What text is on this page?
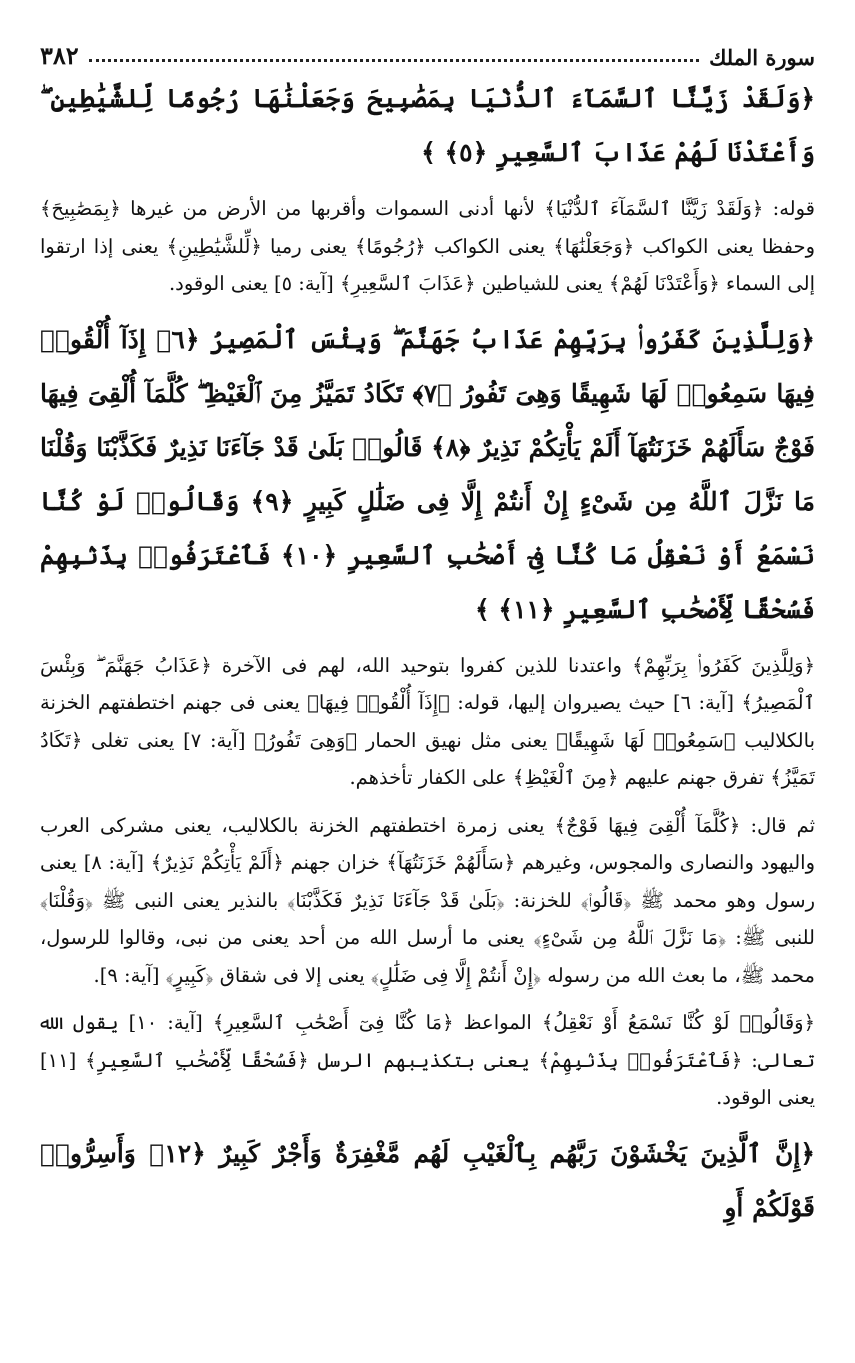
سورة الملك
٣٨٢

﴿وَلَقَدْ زَيَّنَّا ٱلسَّمَآءَ ٱلدُّنْيَا بِمَصَٰبِيحَ وَجَعَلْنَٰهَا رُجُومًا لِّلشَّيَٰطِينِ ۖ وَأَعْتَدْنَا لَهُمْ عَذَابَ ٱلسَّعِيرِ ﴿٥﴾ ﴾

قوله: ﴿وَلَقَدْ زَيَّنَّا ٱلسَّمَآءَ ٱلدُّنْيَا﴾ لأنها أدنى السموات وأقربها من الأرض من غيرها ﴿بِمَصَٰبِيحَ﴾ وحفظا يعنى الكواكب ﴿وَجَعَلْنَٰهَا﴾ يعنى الكواكب ﴿رُجُومًا﴾ يعنى رميا ﴿لِّلشَّيَٰطِينِ﴾ يعنى إذا ارتقوا إلى السماء ﴿وَأَعْتَدْنَا لَهُمْ﴾ يعنى للشياطين ﴿عَذَابَ ٱلسَّعِيرِ﴾ [آية: ٥] يعنى الوقود.

﴿وَلِلَّذِينَ كَفَرُوا۟ بِرَبِّهِمْ عَذَابُ جَهَنَّمَ ۖ وَبِئْسَ ٱلْمَصِيرُ ﴿٦﴾ إِذَآ أُلْقُوا۟ فِيهَا سَمِعُوا۟ لَهَا شَهِيقًا وَهِىَ تَفُورُ ﴿٧﴾ تَكَادُ تَمَيَّزُ مِنَ ٱلْغَيْظِ ۖ كُلَّمَآ أُلْقِىَ فِيهَا فَوْجٌ سَأَلَهُمْ خَزَنَتُهَآ أَلَمْ يَأْتِكُمْ نَذِيرٌ ﴿٨﴾ قَالُوا۟ بَلَىٰ قَدْ جَآءَنَا نَذِيرٌ فَكَذَّبْنَا وَقُلْنَا مَا نَزَّلَ ٱللَّهُ مِن شَىْءٍ إِنْ أَنتُمْ إِلَّا فِى ضَلَٰلٍ كَبِيرٍ ﴿٩﴾ وَقَالُوا۟ لَوْ كُنَّا نَسْمَعُ أَوْ نَعْقِلُ مَا كُنَّا فِىٓ أَصْحَٰبِ ٱلسَّعِيرِ ﴿١٠﴾ فَٱعْتَرَفُوا۟ بِذَنۢبِهِمْ فَسُحْقًا لِّأَصْحَٰبِ ٱلسَّعِيرِ ﴿١١﴾ ﴾

﴿وَلِلَّذِينَ كَفَرُوا۟ بِرَبِّهِمْ﴾ واعتدنا للذين كفروا بتوحيد الله، لهم فى الآخرة ﴿عَذَابُ جَهَنَّمَ ۖ وَبِئْسَ ٱلْمَصِيرُ﴾ [آية: ٦] حيث يصيروان إليها، قوله: ﴿إِذَآ أُلْقُوا۟ فِيهَا﴾ يعنى فى جهنم اختطفتهم الخزنة بالكلاليب ﴿سَمِعُوا۟ لَهَا شَهِيقًا﴾ يعنى مثل نهيق الحمار ﴿وَهِىَ تَفُورُ﴾ [آية: ٧] يعنى تغلى ﴿تَكَادُ تَمَيَّزُ﴾ تفرق جهنم عليهم ﴿مِنَ ٱلْغَيْظِ﴾ على الكفار تأخذهم.

ثم قال: ﴿كُلَّمَآ أُلْقِىَ فِيهَا فَوْجٌ﴾ يعنى زمرة اختطفتهم الخزنة بالكلاليب، يعنى مشركى العرب واليهود والنصارى والمجوس، وغيرهم ﴿سَأَلَهُمْ خَزَنَتُهَآ﴾ خزان جهنم ﴿أَلَمْ يَأْتِكُمْ نَذِيرٌ﴾ [آية: ٨] يعنى رسول وهو محمد ﷺ ﴿قَالُوا۟﴾ للخزنة: ﴿بَلَىٰ قَدْ جَآءَنَا نَذِيرٌ فَكَذَّبْنَا﴾ بالنذير يعنى النبى ﷺ ﴿وَقُلْنَا﴾ للنبى ﷺ: ﴿مَا نَزَّلَ ٱللَّهُ مِن شَىْءٍ﴾ يعنى ما أرسل الله من أحد يعنى من نبى، وقالوا للرسول، محمد ﷺ، ما بعث الله من رسوله ﴿إِنْ أَنتُمْ إِلَّا فِى ضَلَٰلٍ﴾ يعنى إلا فى شقاق ﴿كَبِيرٍ﴾ [آية: ٩].

﴿وَقَالُوا۟ لَوْ كُنَّا نَسْمَعُ أَوْ نَعْقِلُ﴾ المواعظ ﴿مَا كُنَّا فِىٓ أَصْحَٰبِ ٱلسَّعِيرِ﴾ [آية: ١٠] يقول الله تعالى: ﴿فَٱعْتَرَفُوا۟ بِذَنۢبِهِمْ﴾ يعنى بتكذيبهم الرسل ﴿فَسُحْقًا لِّأَصْحَٰبِ ٱلسَّعِيرِ﴾ [١١] يعنى الوقود.

﴿إِنَّ ٱلَّذِينَ يَخْشَوْنَ رَبَّهُم بِٱلْغَيْبِ لَهُم مَّغْفِرَةٌ وَأَجْرٌ كَبِيرٌ ﴿١٢﴾ وَأَسِرُّوا۟ قَوْلَكُمْ أَوِ
